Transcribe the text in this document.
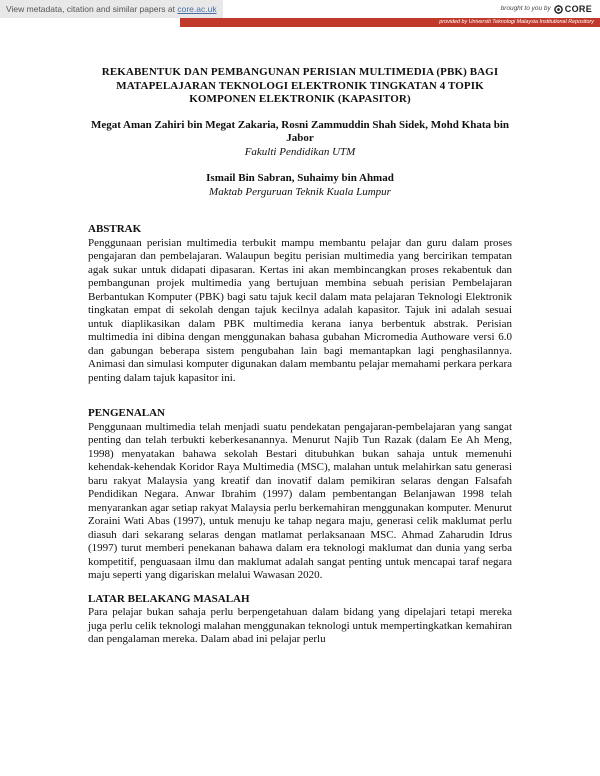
View metadata, citation and similar papers at core.ac.uk	brought to you by CORE
provided by Universiti Teknologi Malaysia Institutional Repository
REKABENTUK DAN PEMBANGUNAN PERISIAN MULTIMEDIA (PBK) BAGI MATAPELAJARAN TEKNOLOGI ELEKTRONIK TINGKATAN 4 TOPIK KOMPONEN ELEKTRONIK (KAPASITOR)
Megat Aman Zahiri bin Megat Zakaria, Rosni Zammuddin Shah Sidek, Mohd Khata bin Jabor
Fakulti Pendidikan UTM
Ismail Bin Sabran, Suhaimy bin Ahmad
Maktab Perguruan Teknik Kuala Lumpur
ABSTRAK
Penggunaan perisian multimedia terbukit mampu membantu pelajar dan guru dalam proses pengajaran dan pembelajaran. Walaupun begitu perisian multimedia yang bercirikan tempatan agak sukar untuk didapati dipasaran. Kertas ini akan membincangkan proses rekabentuk dan pembangunan projek multimedia yang bertujuan membina sebuah perisian Pembelajaran Berbantukan Komputer (PBK) bagi satu tajuk kecil dalam mata pelajaran Teknologi Elektronik tingkatan empat di sekolah dengan tajuk kecilnya adalah kapasitor. Tajuk ini adalah sesuai untuk diaplikasikan dalam PBK multimedia kerana ianya berbentuk abstrak. Perisian multimedia ini dibina dengan menggunakan bahasa gubahan Micromedia Authoware versi 6.0 dan gabungan beberapa sistem pengubahan lain bagi memantapkan lagi penghasilannya. Animasi dan simulasi komputer digunakan dalam membantu pelajar memahami perkara perkara penting dalam tajuk kapasitor ini.
PENGENALAN
Penggunaan multimedia telah menjadi suatu pendekatan pengajaran-pembelajaran yang sangat penting dan telah terbukti keberkesanannya. Menurut Najib Tun Razak (dalam Ee Ah Meng, 1998) menyatakan bahawa sekolah Bestari ditubuhkan bukan sahaja untuk memenuhi kehendak-kehendak Koridor Raya Multimedia (MSC), malahan untuk melahirkan satu generasi baru rakyat Malaysia yang kreatif dan inovatif dalam pemikiran selaras dengan Falsafah Pendidikan Negara. Anwar Ibrahim (1997) dalam pembentangan Belanjawan 1998 telah menyarankan agar setiap rakyat Malaysia perlu berkemahiran menggunakan komputer. Menurut Zoraini Wati Abas (1997), untuk menuju ke tahap negara maju, generasi celik maklumat perlu diasuh dari sekarang selaras dengan matlamat perlaksanaan MSC. Ahmad Zaharudin Idrus (1997) turut memberi penekanan bahawa dalam era teknologi maklumat dan dunia yang serba kompetitif, penguasaan ilmu dan maklumat adalah sangat penting untuk mencapai taraf negara maju seperti yang digariskan melalui Wawasan 2020.
LATAR BELAKANG MASALAH
Para pelajar bukan sahaja perlu berpengetahuan dalam bidang yang dipelajari tetapi mereka juga perlu celik teknologi malahan menggunakan teknologi untuk mempertingkatkan kemahiran dan pengalaman mereka. Dalam abad ini pelajar perlu
